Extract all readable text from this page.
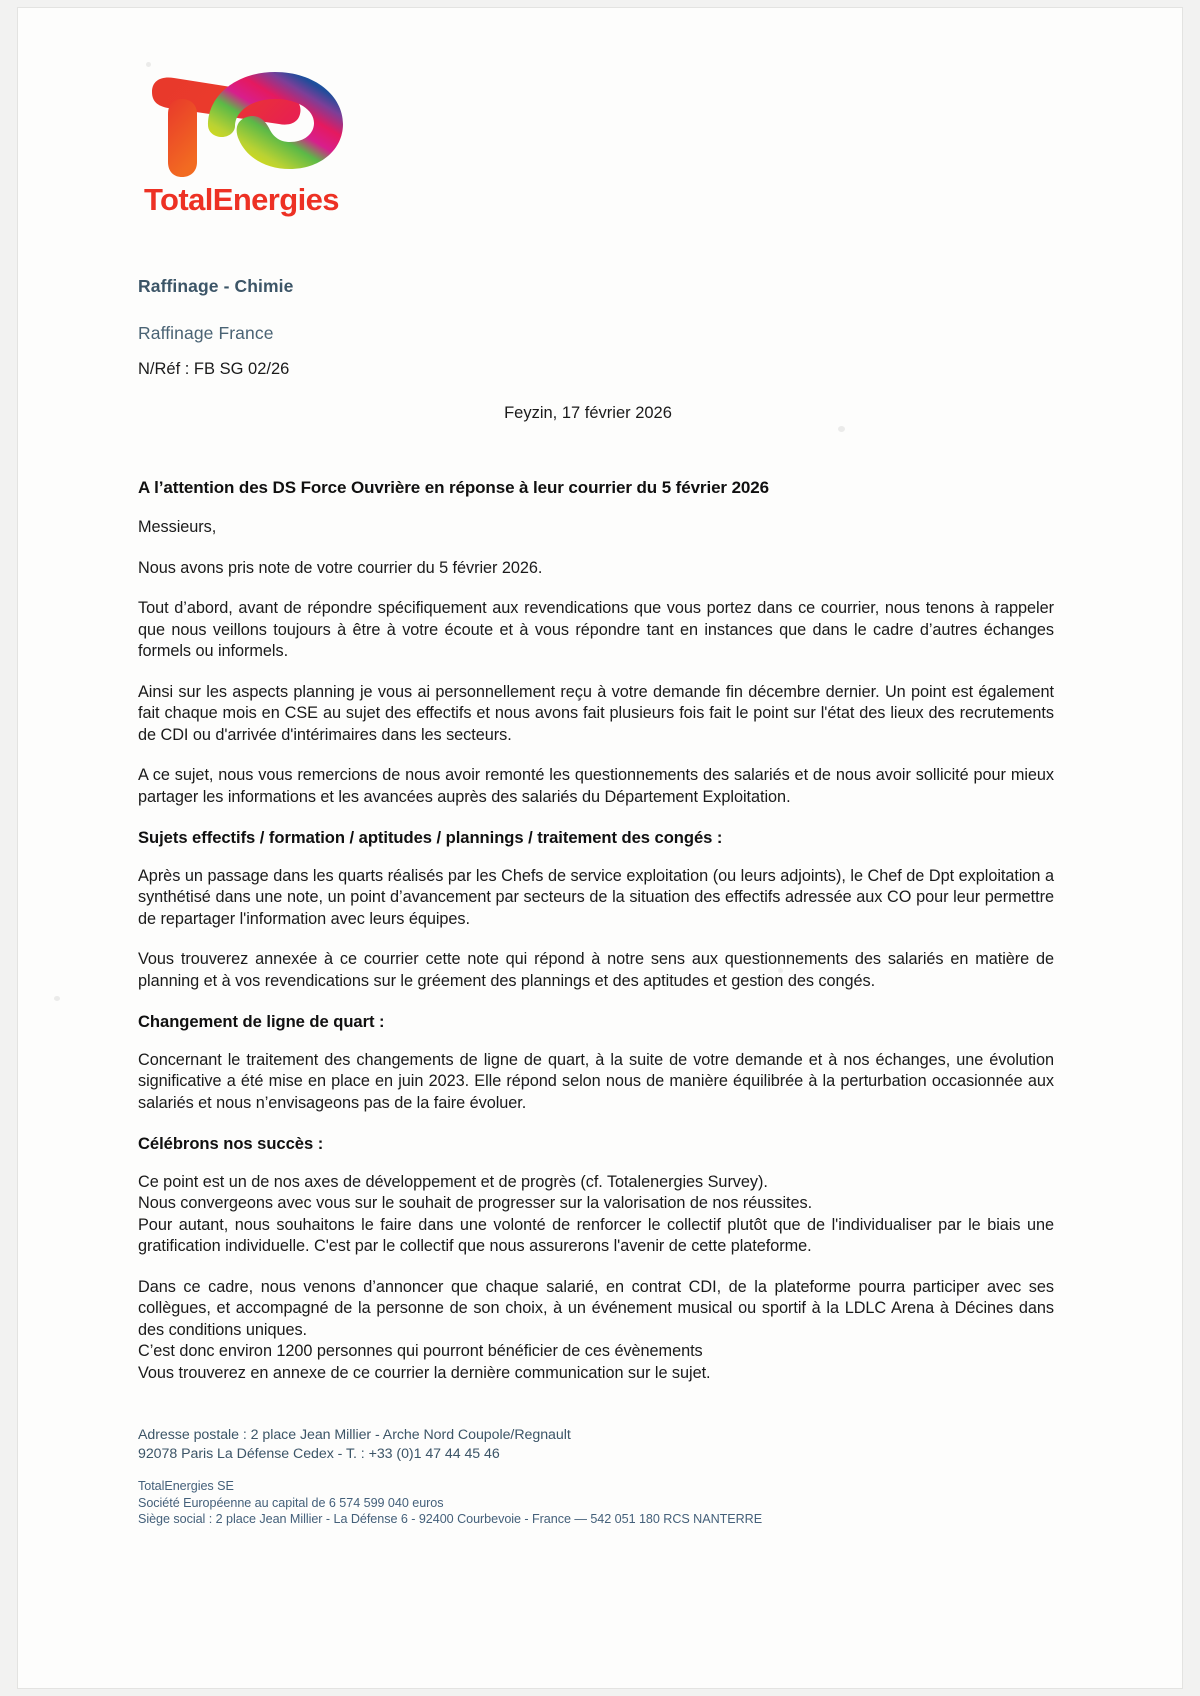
TotalEnergies
Raffinage - Chimie
Raffinage France
N/Réf : FB SG 02/26
Feyzin, 17 février 2026
A l’attention des DS Force Ouvrière en réponse à leur courrier du 5 février 2026

Messieurs,

Nous avons pris note de votre courrier du 5 février 2026.

Tout d’abord, avant de répondre spécifiquement aux revendications que vous portez dans ce courrier, nous tenons à rappeler que nous veillons toujours à être à votre écoute et à vous répondre tant en instances que dans le cadre d’autres échanges formels ou informels.

Ainsi sur les aspects planning je vous ai personnellement reçu à votre demande fin décembre dernier. Un point est également fait chaque mois en CSE au sujet des effectifs et nous avons fait plusieurs fois fait le point sur l'état des lieux des recrutements de CDI ou d'arrivée d'intérimaires dans les secteurs.

A ce sujet, nous vous remercions de nous avoir remonté les questionnements des salariés et de nous avoir sollicité pour mieux partager les informations et les avancées auprès des salariés du Département Exploitation.

Sujets effectifs / formation / aptitudes / plannings / traitement des congés :

Après un passage dans les quarts réalisés par les Chefs de service exploitation (ou leurs adjoints), le Chef de Dpt exploitation a synthétisé dans une note, un point d’avancement par secteurs de la situation des effectifs adressée aux CO pour leur permettre de repartager l'information avec leurs équipes.

Vous trouverez annexée à ce courrier cette note qui répond à notre sens aux questionnements des salariés en matière de planning et à vos revendications sur le gréement des plannings et des aptitudes et gestion des congés.

Changement de ligne de quart :

Concernant le traitement des changements de ligne de quart, à la suite de votre demande et à nos échanges, une évolution significative a été mise en place en juin 2023. Elle répond selon nous de manière équilibrée à la perturbation occasionnée aux salariés et nous n’envisageons pas de la faire évoluer.

Célébrons nos succès :

Ce point est un de nos axes de développement et de progrès (cf. Totalenergies Survey).

Nous convergeons avec vous sur le souhait de progresser sur la valorisation de nos réussites.

Pour autant, nous souhaitons le faire dans une volonté de renforcer le collectif plutôt que de l'individualiser par le biais une gratification individuelle. C'est par le collectif que nous assurerons l'avenir de cette plateforme.

Dans ce cadre, nous venons d’annoncer que chaque salarié, en contrat CDI, de la plateforme pourra participer avec ses collègues, et accompagné de la personne de son choix, à un événement musical ou sportif à la LDLC Arena à Décines dans des conditions uniques.

C’est donc environ 1200 personnes qui pourront bénéficier de ces évènements

Vous trouverez en annexe de ce courrier la dernière communication sur le sujet.

Adresse postale : 2 place Jean Millier - Arche Nord Coupole/Regnault
92078 Paris La Défense Cedex - T. : +33 (0)1 47 44 45 46
TotalEnergies SE
Société Européenne au capital de 6 574 599 040 euros
Siège social : 2 place Jean Millier - La Défense 6 - 92400 Courbevoie - France — 542 051 180 RCS NANTERRE
